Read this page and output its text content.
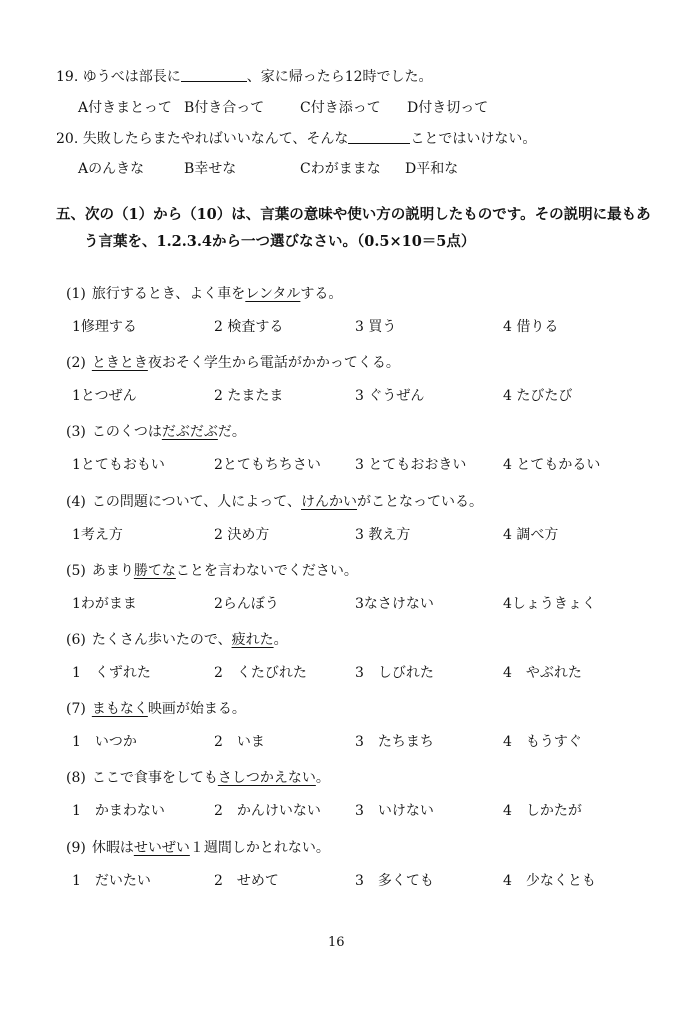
19. ゆうべは部長に	、家に帰ったら12時でした。
A付きまとって B付き合って	C付き添って D付き切って
20. 失敗したらまたやればいいなんて、そんな	ことではいけない。
Aのんきな	B幸せな	Cわがままな D平和な
五、次の（1）から（10）は、言葉の意味や使い方の説明したものです。その説明に最もあ
う言葉を、1.2.3.4から一つ選びなさい。（0.5×10＝5点）
(1) 旅行するとき、よく車をレンタルする。
1修理する	2 検査する	3 買う	4 借りる
(2) ときとき夜おそく学生から電話がかかってくる。
1とつぜん	2 たまたま	3 ぐうぜん	4 たびたび
(3) このくつはだぶだぶだ。
1とてもおもい	2とてもちちさい 3 とてもおおきい	4 とてもかるい
(4) この問題について、人によって、けんかいがことなっている。
1考え方	2 決め方	3 教え方	4 調べ方
(5) あまり勝てなことを言わないでください。
1わがまま	2らんぼう	3なさけない	4しょうきょく
(6) たくさん歩いたので、疲れた。
1　くずれた	2　くたびれた	3　しびれた	4　やぶれた
(7) まもなく映画が始まる。
1　いつか	2　いま	3　たちまち	4　もうすぐ
(8) ここで食事をしてもさしつかえない。
1　かまわない	2　かんけいない 3　いけない	4　しかたが
(9) 休暇はせいぜい１週間しかとれない。
1　だいたい	2　せめて	3　多くても	4　少なくとも
16
